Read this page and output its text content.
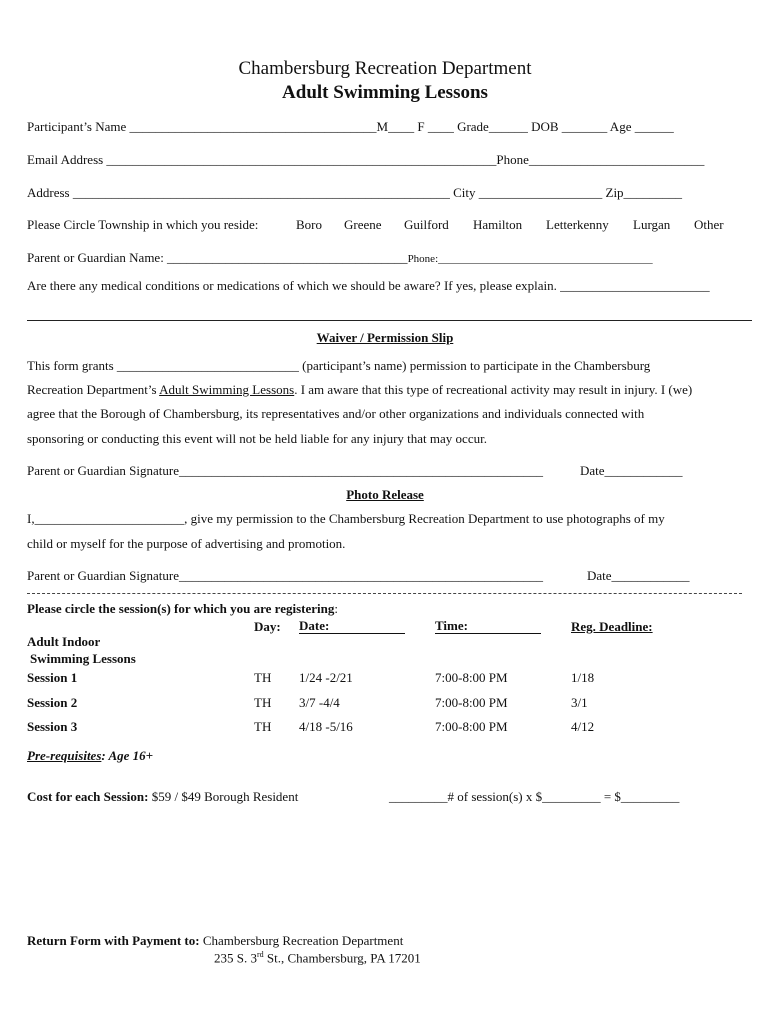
Chambersburg Recreation Department
Adult Swimming Lessons
Participant’s Name ______________________________________M____ F ____ Grade______ DOB _______ Age ______
Email Address ____________________________________________________________Phone___________________________
Address __________________________________________________________ City ___________________ Zip_________
Please Circle Township in which you reside:	Boro Greene Guilford Hamilton Letterkenny Lurgan Other
Parent or Guardian Name: _____________________________________Phone:_______________________________________
Are there any medical conditions or medications of which we should be aware? If yes, please explain. _______________________
Waiver / Permission Slip
This form grants ____________________________ (participant’s name) permission to participate in the Chambersburg
Recreation Department’s Adult Swimming Lessons. I am aware that this type of recreational activity may result in injury. I (we)
agree that the Borough of Chambersburg, its representatives and/or other organizations and individuals connected with
sponsoring or conducting this event will not be held liable for any injury that may occur.
Parent or Guardian Signature________________________________________________________	Date____________
Photo Release
I,_______________________, give my permission to the Chambersburg Recreation Department to use photographs of my
child or myself for the purpose of advertising and promotion.
Parent or Guardian Signature________________________________________________________	Date____________
Please circle the session(s) for which you are registering:
Day: Date:	Time:	Reg. Deadline:
Adult Indoor
Swimming Lessons
Session 1	TH 1/24 -2/21	7:00-8:00 PM	1/18
Session 2	TH 3/7 -4/4	7:00-8:00 PM	3/1
Session 3	TH 4/18 -5/16	7:00-8:00 PM	4/12
Pre-requisites: Age 16+
Cost for each Session: $59 / $49 Borough Resident	_________# of session(s) x $_________ = $_________
Return Form with Payment to: Chambersburg Recreation Department
235 S. 3rd St., Chambersburg, PA 17201
